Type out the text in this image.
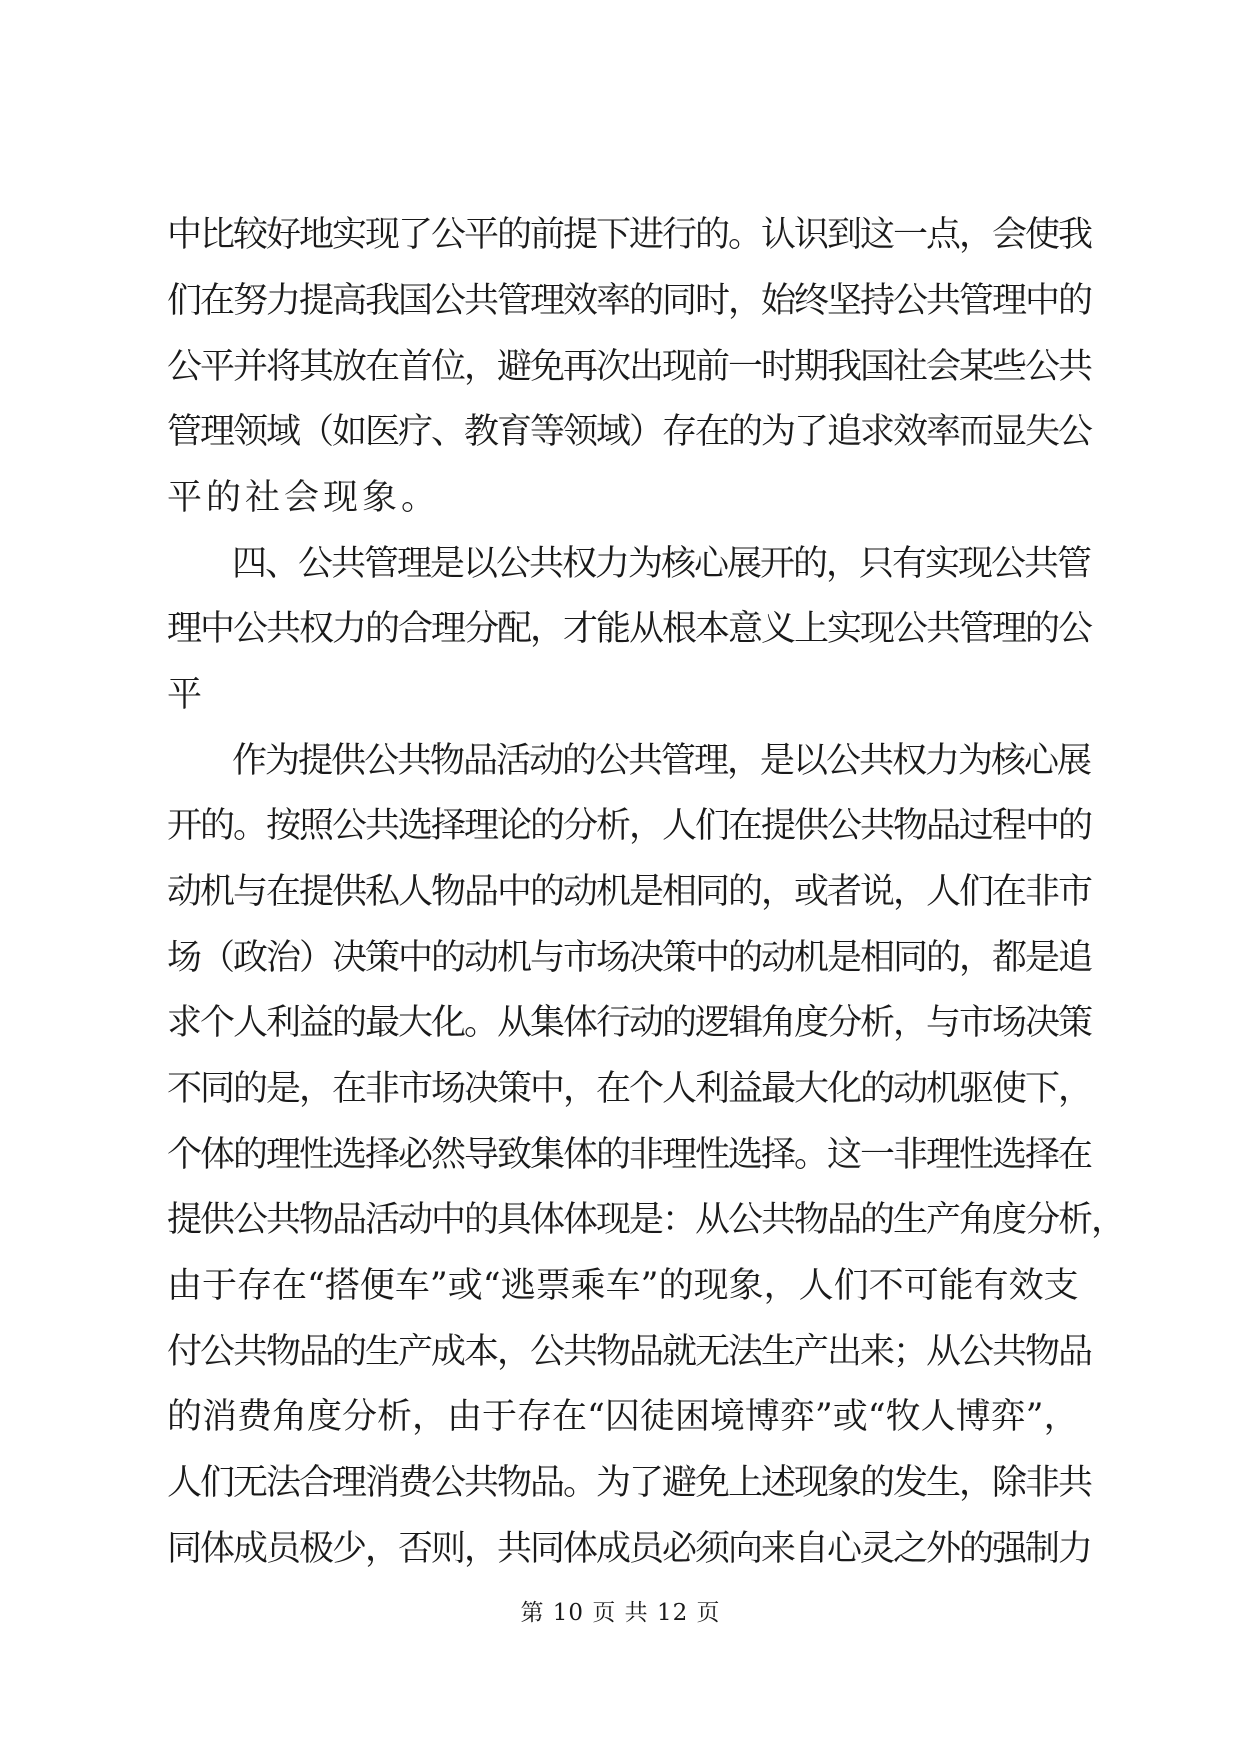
中比较好地实现了公平的前提下进行的。认识到这一点，会使我
们在努力提高我国公共管理效率的同时，始终坚持公共管理中的
公平并将其放在首位，避免再次出现前一时期我国社会某些公共
管理领域（如医疗、教育等领域）存在的为了追求效率而显失公
平的社会现象。
四、公共管理是以公共权力为核心展开的，只有实现公共管
理中公共权力的合理分配，才能从根本意义上实现公共管理的公
平
作为提供公共物品活动的公共管理，是以公共权力为核心展
开的。按照公共选择理论的分析，人们在提供公共物品过程中的
动机与在提供私人物品中的动机是相同的，或者说，人们在非市
场（政治）决策中的动机与市场决策中的动机是相同的，都是追
求个人利益的最大化。从集体行动的逻辑角度分析，与市场决策
不同的是，在非市场决策中，在个人利益最大化的动机驱使下，
个体的理性选择必然导致集体的非理性选择。这一非理性选择在
提供公共物品活动中的具体体现是：从公共物品的生产角度分析，
由于存在“搭便车”或“逃票乘车”的现象，人们不可能有效支
付公共物品的生产成本，公共物品就无法生产出来；从公共物品
的消费角度分析，由于存在“囚徒困境博弈”或“牧人博弈”，
人们无法合理消费公共物品。为了避免上述现象的发生，除非共
同体成员极少，否则，共同体成员必须向来自心灵之外的强制力
第 10 页 共 12 页
